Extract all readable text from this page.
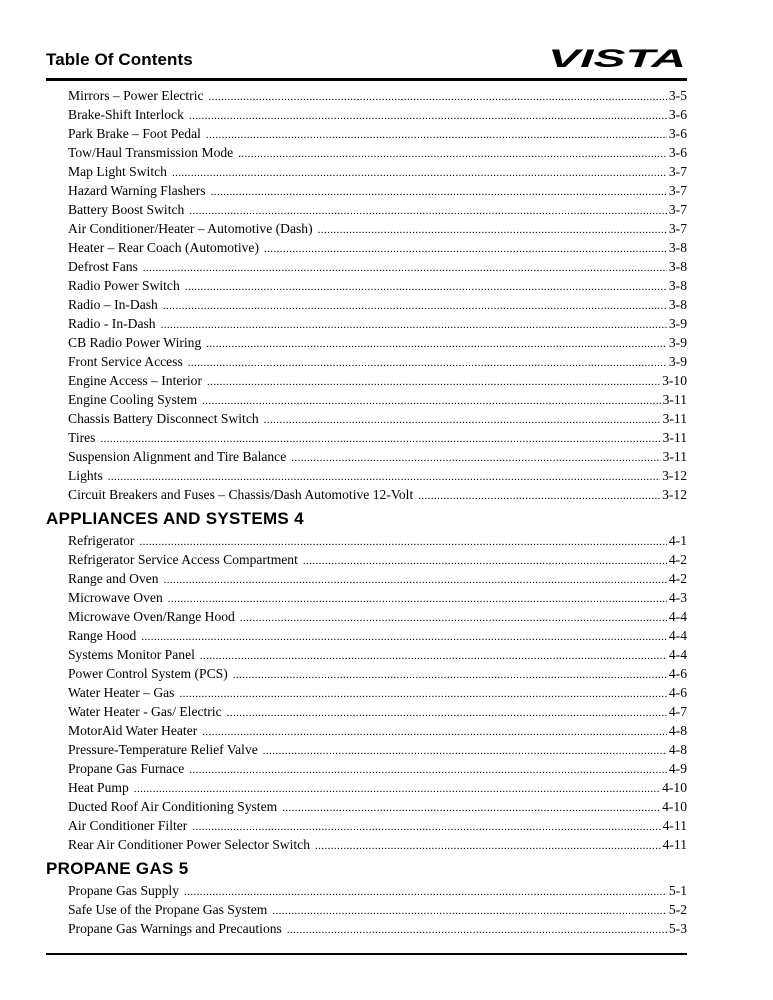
Table Of Contents	VISTA
Mirrors – Power Electric .....	3-5
Brake-Shift Interlock .....	3-6
Park Brake – Foot Pedal .....	3-6
Tow/Haul Transmission Mode .....	3-6
Map Light Switch .....	3-7
Hazard Warning Flashers .....	3-7
Battery Boost Switch .....	3-7
Air Conditioner/Heater – Automotive (Dash) .....	3-7
Heater – Rear Coach (Automotive) .....	3-8
Defrost Fans .....	3-8
Radio Power Switch .....	3-8
Radio – In-Dash .....	3-8
Radio - In-Dash .....	3-9
CB Radio Power Wiring .....	3-9
Front Service Access .....	3-9
Engine Access – Interior .....	3-10
Engine Cooling System .....	3-11
Chassis Battery Disconnect Switch .....	3-11
Tires .....	3-11
Suspension Alignment and Tire Balance .....	3-11
Lights .....	3-12
Circuit Breakers and Fuses – Chassis/Dash Automotive 12-Volt .....	3-12
APPLIANCES AND SYSTEMS 4
Refrigerator .....	4-1
Refrigerator Service Access Compartment .....	4-2
Range and Oven .....	4-2
Microwave Oven .....	4-3
Microwave Oven/Range Hood .....	4-4
Range Hood .....	4-4
Systems Monitor Panel .....	4-4
Power Control System (PCS) .....	4-6
Water Heater – Gas .....	4-6
Water Heater - Gas/ Electric .....	4-7
MotorAid Water Heater .....	4-8
Pressure-Temperature Relief Valve .....	4-8
Propane Gas Furnace .....	4-9
Heat Pump .....	4-10
Ducted Roof Air Conditioning System .....	4-10
Air Conditioner Filter .....	4-11
Rear Air Conditioner Power Selector Switch .....	4-11
PROPANE GAS 5
Propane Gas Supply .....	5-1
Safe Use of the Propane Gas System .....	5-2
Propane Gas Warnings and Precautions .....	5-3
